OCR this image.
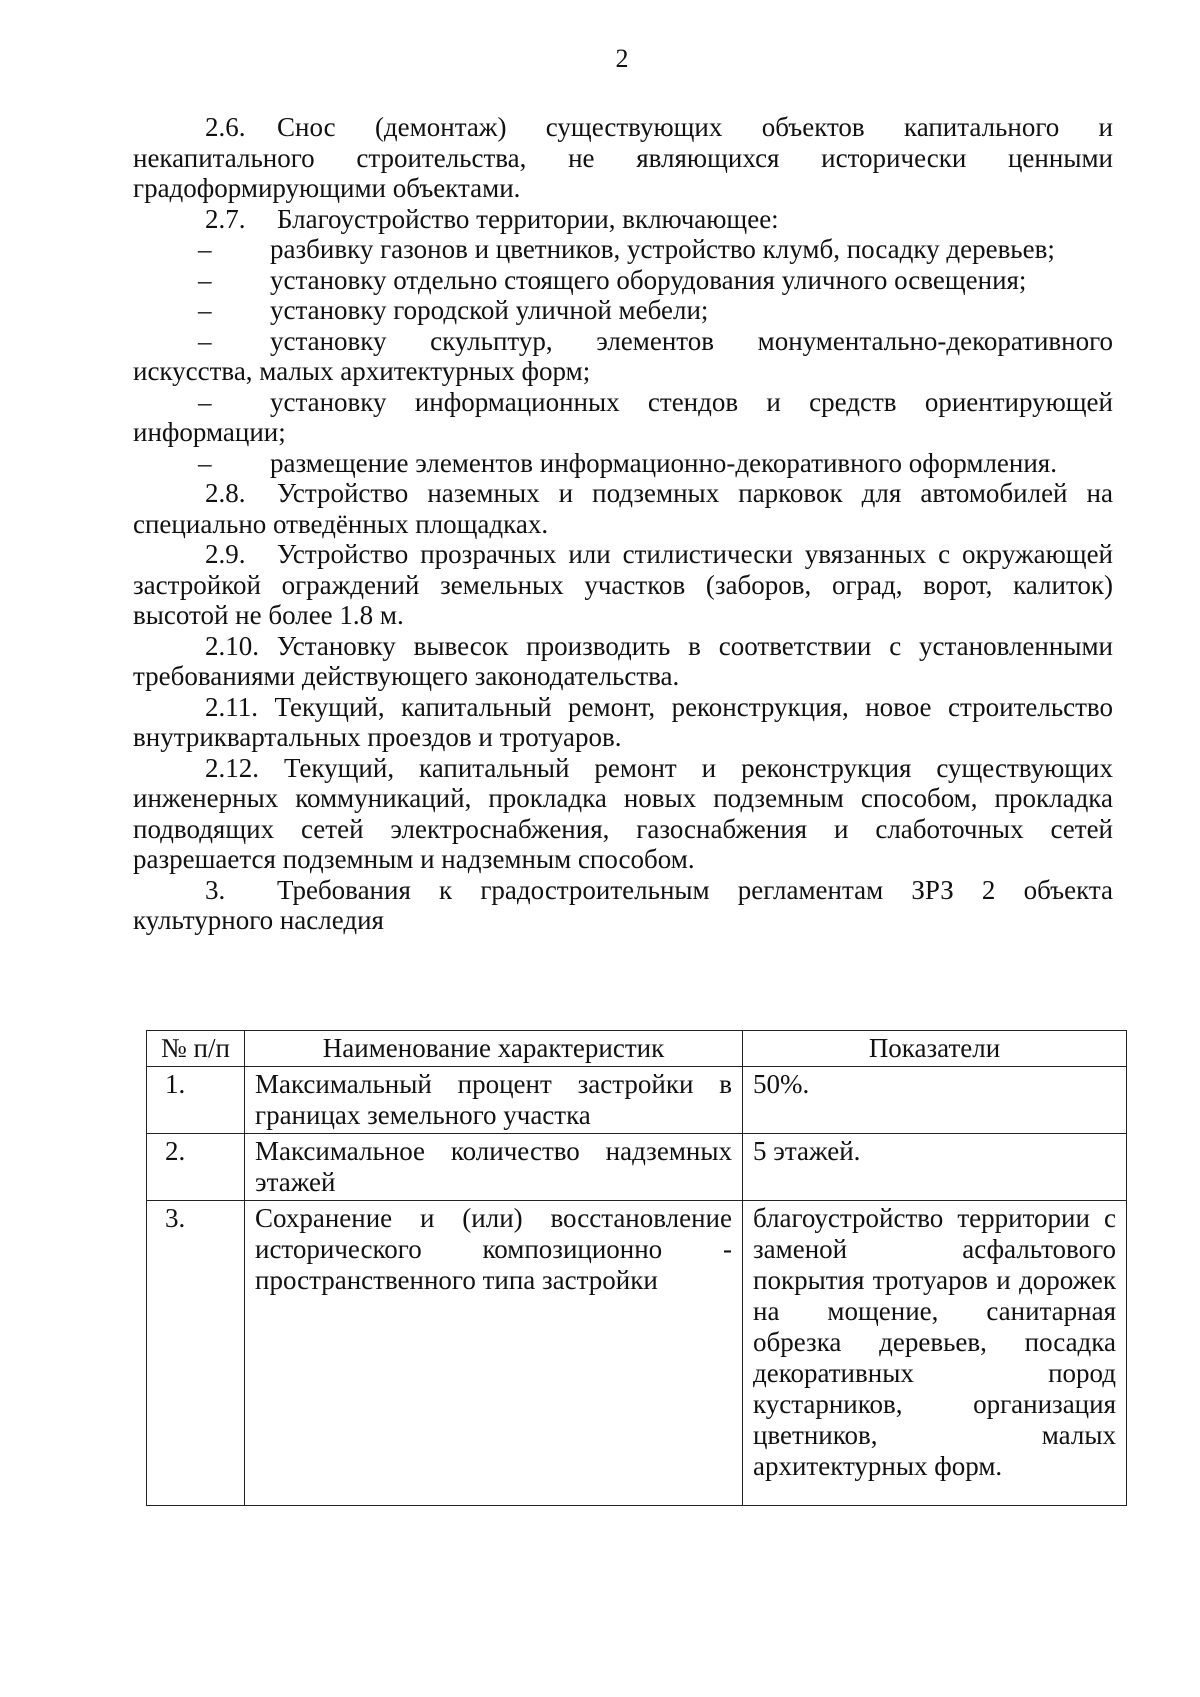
2

2.6. Снос (демонтаж) существующих объектов капитального и некапитального строительства, не являющихся исторически ценными градоформирующими объектами.

2.7. Благоустройство территории, включающее:

– разбивку газонов и цветников, устройство клумб, посадку деревьев;

– установку отдельно стоящего оборудования уличного освещения;

– установку городской уличной мебели;

– установку скульптур, элементов монументально-декоративного искусства, малых архитектурных форм;

– установку информационных стендов и средств ориентирующей информации;

– размещение элементов информационно-декоративного оформления.

2.8. Устройство наземных и подземных парковок для автомобилей на специально отведённых площадках.

2.9. Устройство прозрачных или стилистически увязанных с окружающей застройкой ограждений земельных участков (заборов, оград, ворот, калиток) высотой не более 1.8 м.

2.10. Установку вывесок производить в соответствии с установленными требованиями действующего законодательства.

2.11. Текущий, капитальный ремонт, реконструкция, новое строительство внутриквартальных проездов и тротуаров.

2.12. Текущий, капитальный ремонт и реконструкция существующих инженерных коммуникаций, прокладка новых подземным способом, прокладка подводящих сетей электроснабжения, газоснабжения и слаботочных сетей разрешается подземным и надземным способом.

3. Требования к градостроительным регламентам ЗРЗ 2 объекта культурного наследия

№ п/п	Наименование характеристик	Показатели
1.	Максимальный процент застройки в границах земельного участка	50%.
2.	Максимальное количество надземных этажей	5 этажей.
3.	Сохранение и (или) восстановление исторического композиционно - пространственного типа застройки	благоустройство территории с заменой асфальтового покрытия тротуаров и дорожек на мощение, санитарная обрезка деревьев, посадка декоративных пород кустарников, организация цветников, малых архитектурных форм.
